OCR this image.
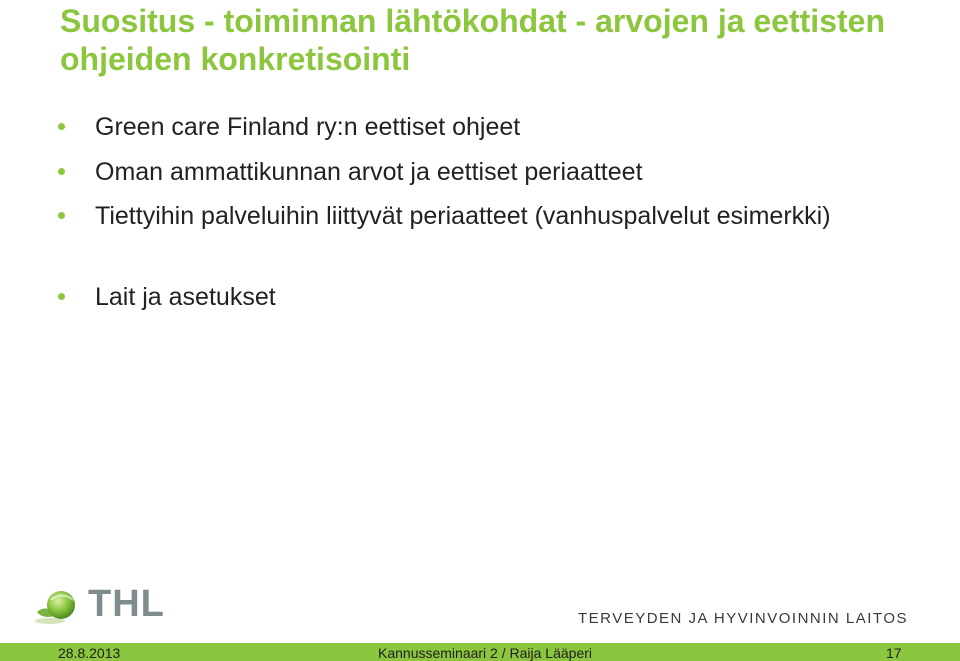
Suositus - toiminnan lähtökohdat - arvojen ja eettisten ohjeiden konkretisointi
Green care Finland ry:n eettiset ohjeet
Oman ammattikunnan arvot ja eettiset periaatteet
Tiettyihin palveluihin liittyvät periaatteet (vanhuspalvelut esimerkki)
Lait ja asetukset
THL	TERVEYDEN JA HYVINVOINNIN LAITOS
28.8.2013	Kannusseminaari 2 / Raija Lääperi	17
